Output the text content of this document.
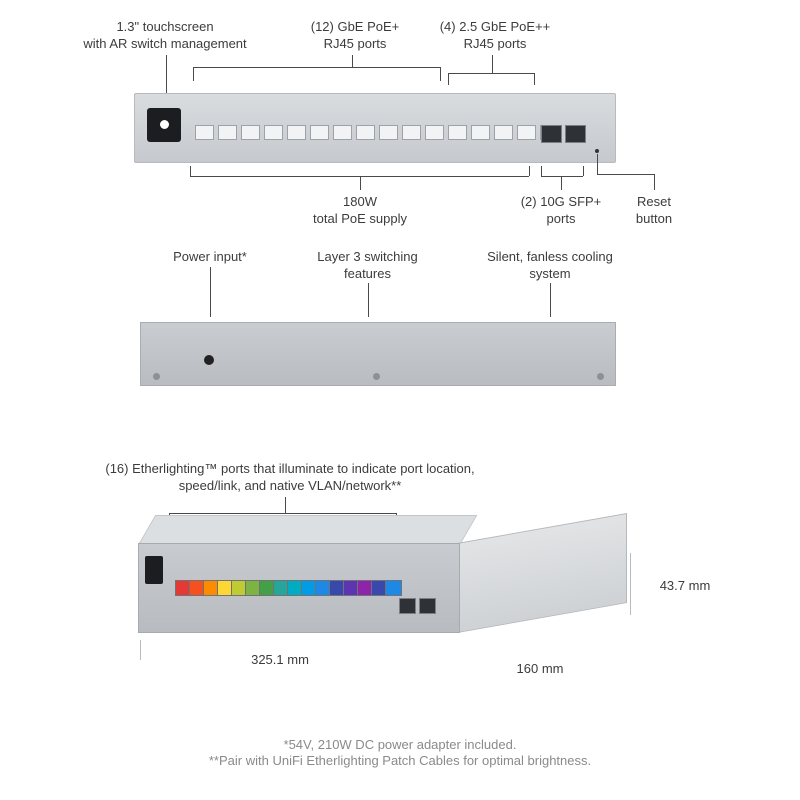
1.3" touchscreen
with AR switch management
(12) GbE PoE+
RJ45 ports
(4) 2.5 GbE PoE++
RJ45 ports
180W
total PoE supply
(2) 10G SFP+
ports
Reset
button
Power input*	Layer 3 switching
features
Silent, fanless cooling
system
(16) Etherlighting™ ports that illuminate to indicate port location,
speed/link, and native VLAN/network**
325.1 mm
160 mm
43.7 mm
*54V, 210W DC power adapter included.
**Pair with UniFi Etherlighting Patch Cables for optimal brightness.
